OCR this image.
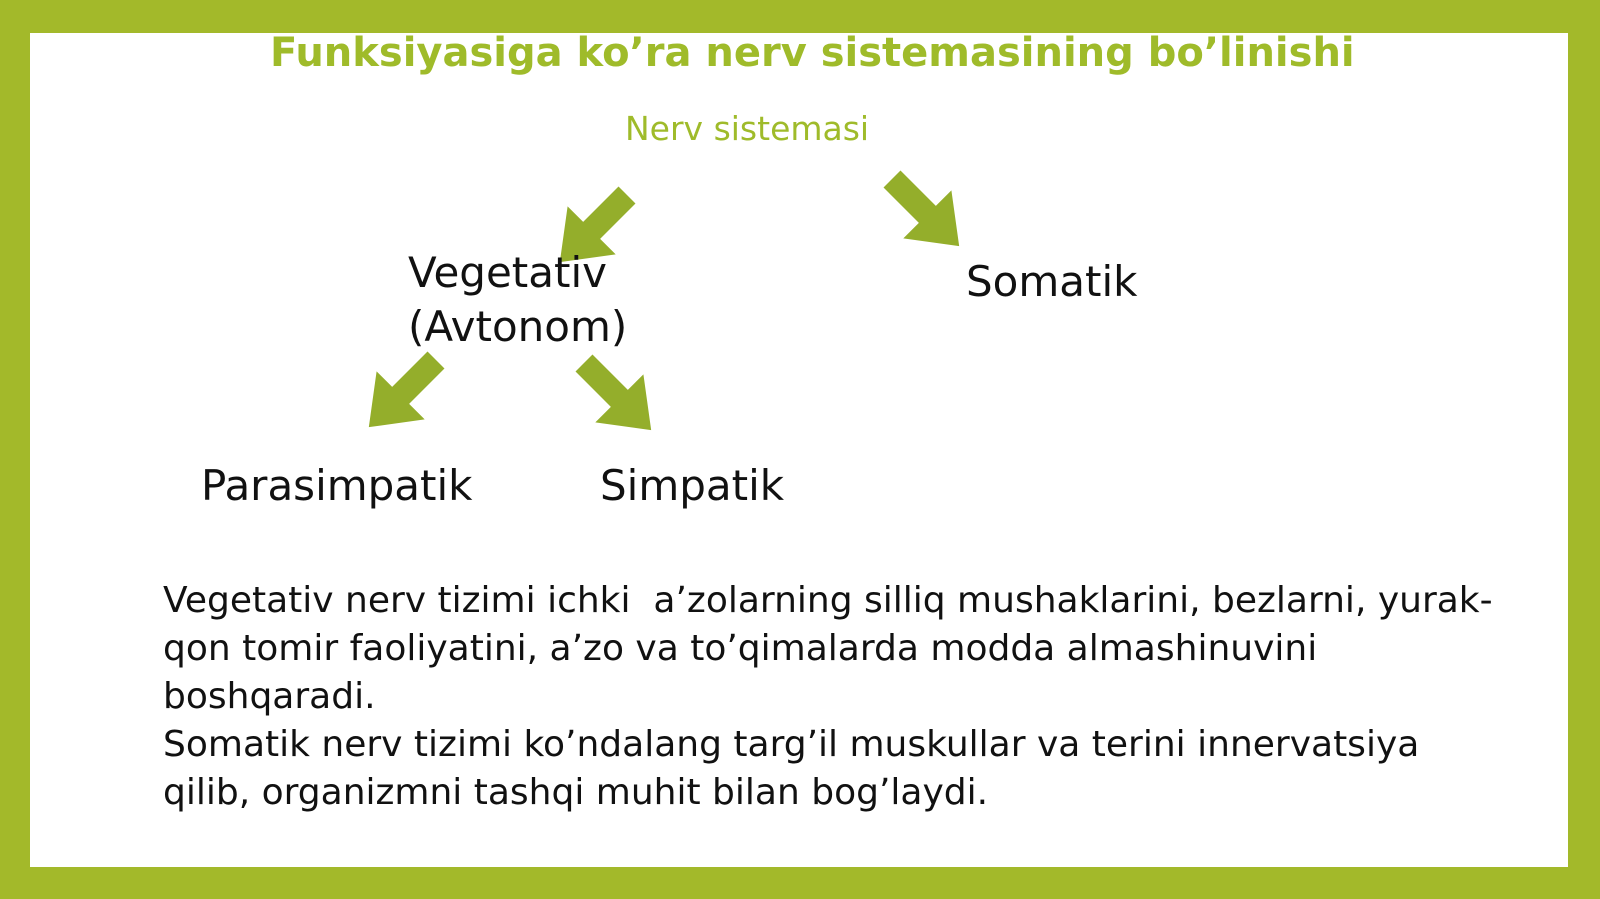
Funksiyasiga ko’ra nerv sistemasining bo’linishi
Nerv sistemasi
Vegetativ
(Avtonom)
Somatik
Parasimpatik	Simpatik

Vegetativ nerv tizimi ichki  a’zolarning silliq mushaklarini, bezlarni, yurak-qon tomir faoliyatini, a’zo va to’qimalarda modda almashinuvini  boshqaradi.

Somatik nerv tizimi ko’ndalang targ’il muskullar va terini innervatsiya qilib, organizmni tashqi muhit bilan bog’laydi.
